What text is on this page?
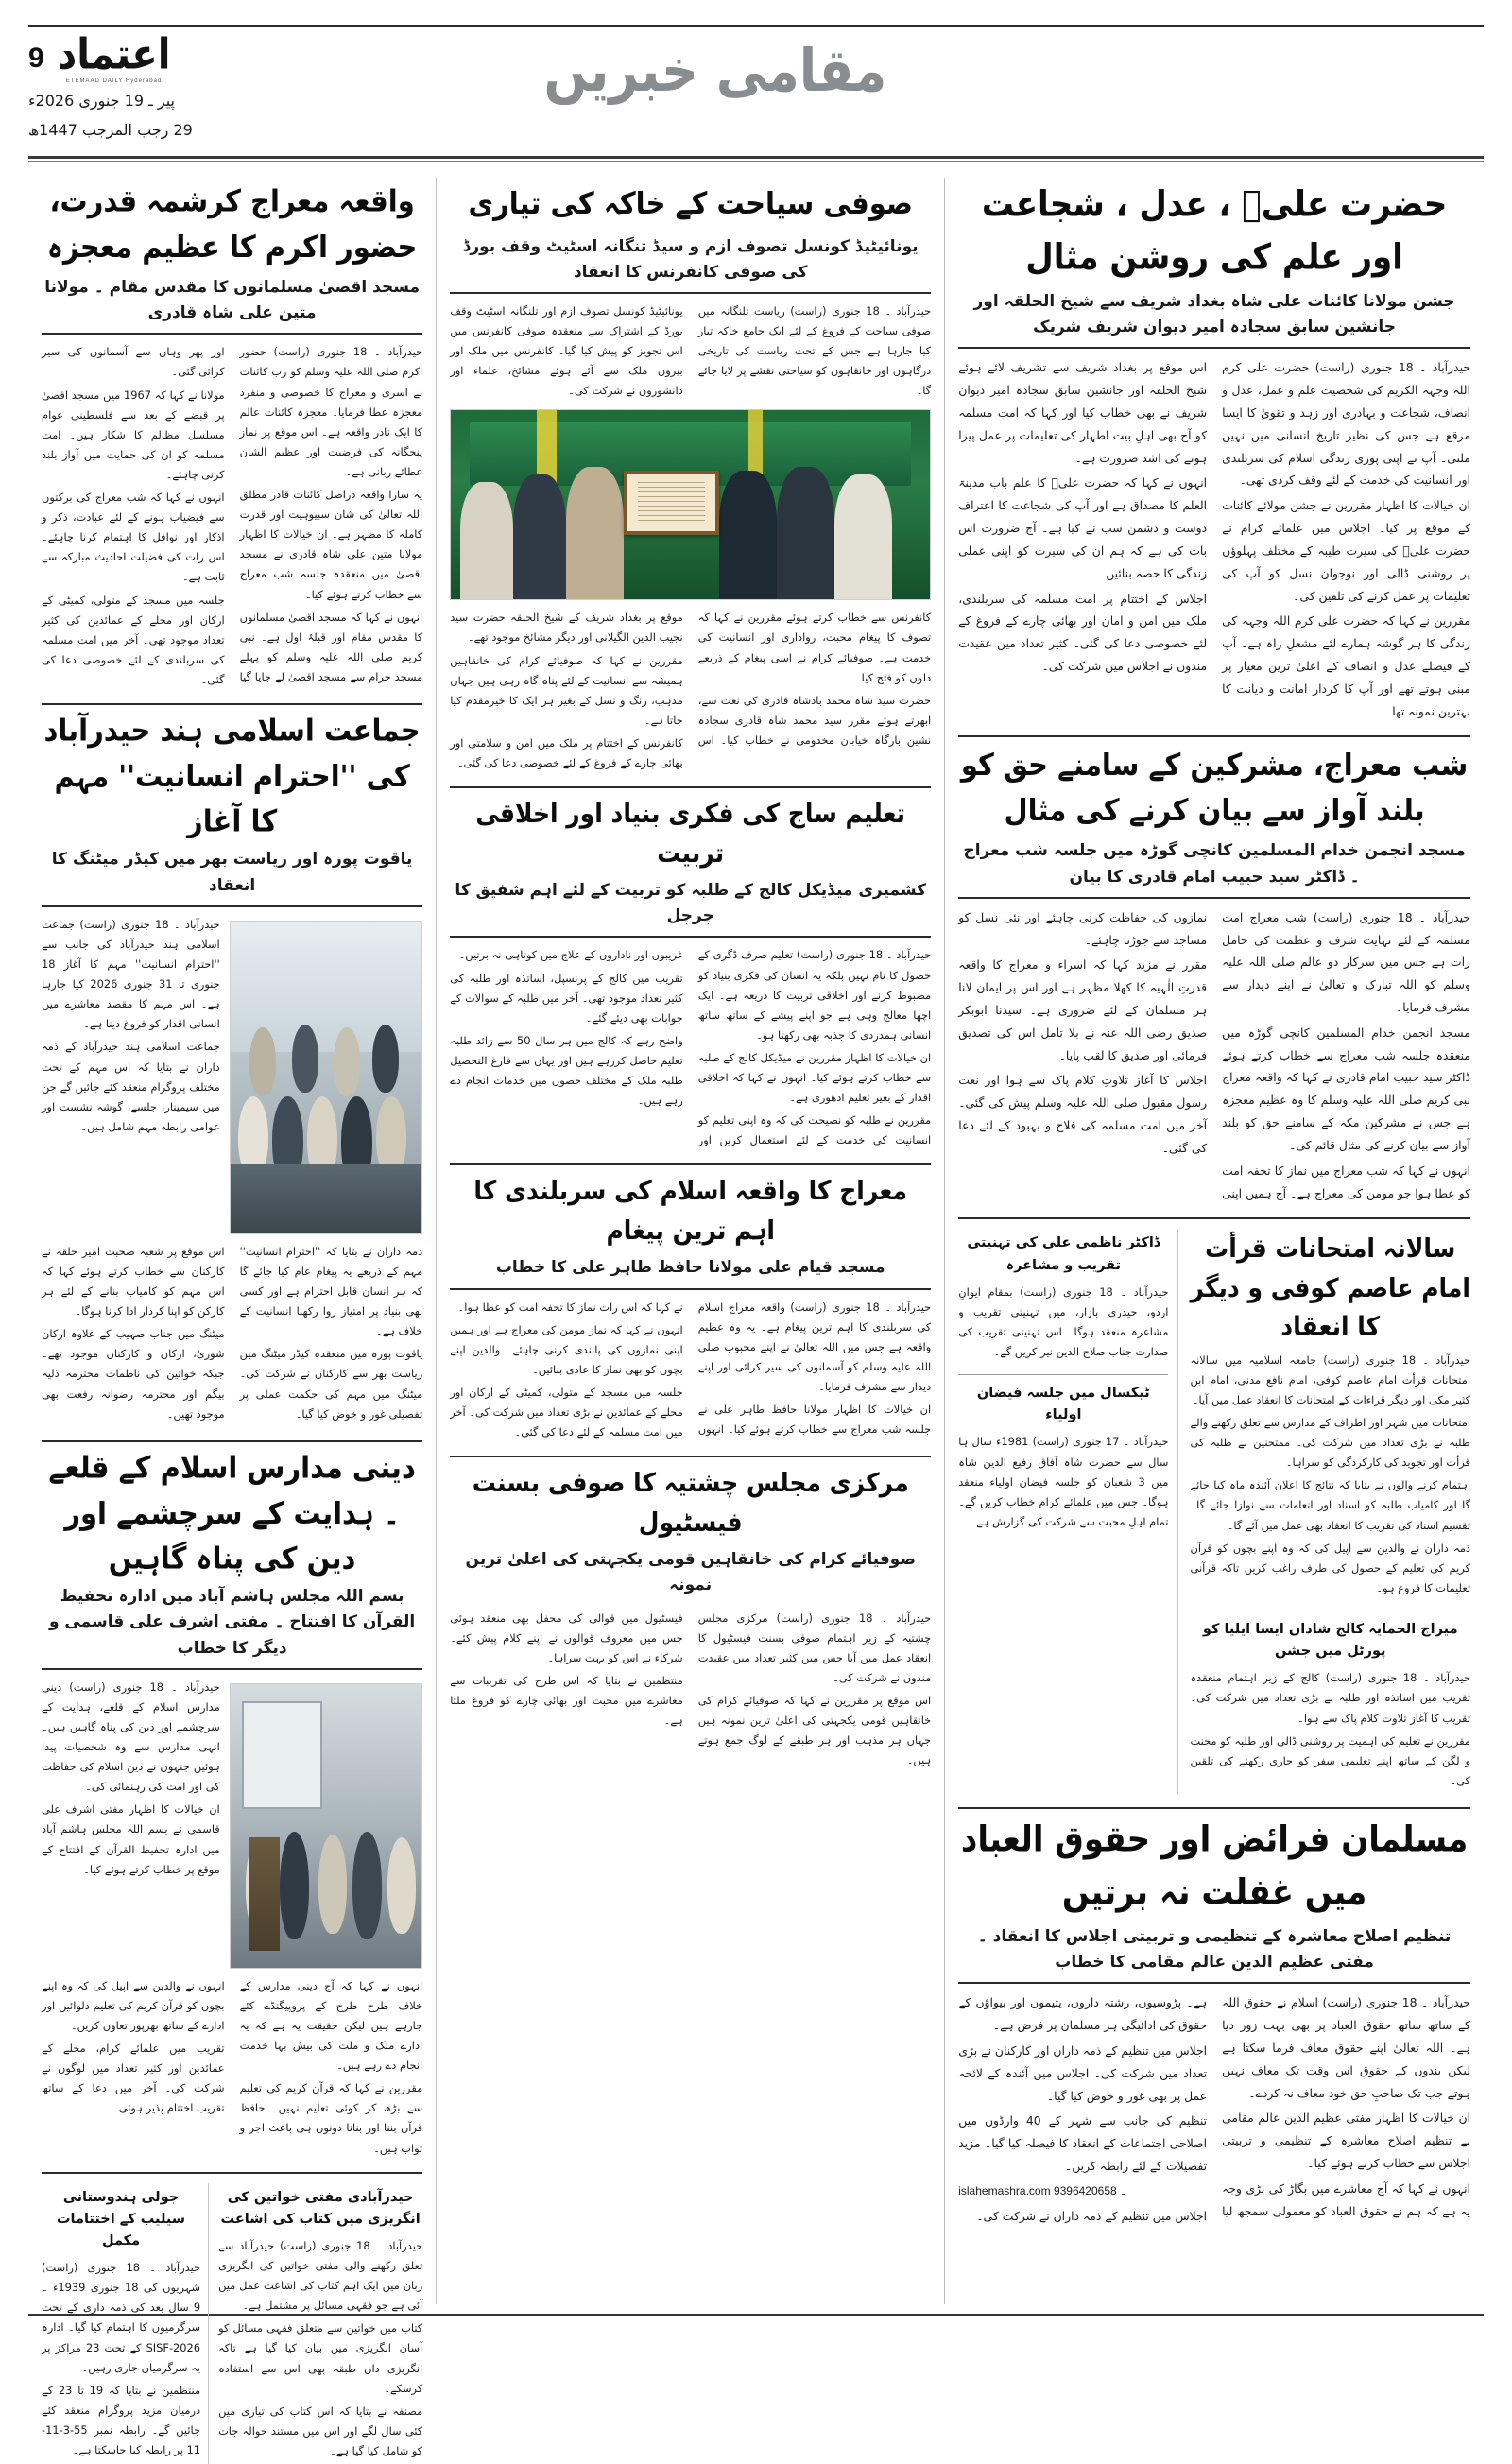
9 اعتماد
ETEMAAD DAILY Hyderabad
پیر ـ 19 جنوری 2026ء
29 رجب المرجب 1447ھ
مقامی خبریں
حضرت علیؓ ، عدل ، شجاعت اور علم کی روشن مثال
جشن مولانا کائنات علی شاہ بغداد شریف سے شیخ الحلقہ اور جانشین سابق سجادہ امیر دیوان شریف شریک

حیدرآباد ۔ 18 جنوری (راست) حضرت علی کرم اللہ وجہہ الکریم کی شخصیت علم و عمل، عدل و انصاف، شجاعت و بہادری اور زہد و تقویٰ کا ایسا مرقع ہے جس کی نظیر تاریخ انسانی میں نہیں ملتی۔ آپ نے اپنی پوری زندگی اسلام کی سربلندی اور انسانیت کی خدمت کے لئے وقف کردی تھی۔

ان خیالات کا اظہار مقررین نے جشن مولائے کائنات کے موقع پر کیا۔ اجلاس میں علمائے کرام نے حضرت علیؓ کی سیرت طیبہ کے مختلف پہلوؤں پر روشنی ڈالی اور نوجوان نسل کو آپ کی تعلیمات پر عمل کرنے کی تلقین کی۔

مقررین نے کہا کہ حضرت علی کرم اللہ وجہہ کی زندگی کا ہر گوشہ ہمارے لئے مشعلِ راہ ہے۔ آپ کے فیصلے عدل و انصاف کے اعلیٰ ترین معیار پر مبنی ہوتے تھے اور آپ کا کردار امانت و دیانت کا بہترین نمونہ تھا۔

اس موقع پر بغداد شریف سے تشریف لائے ہوئے شیخ الحلقہ اور جانشین سابق سجادہ امیر دیوان شریف نے بھی خطاب کیا اور کہا کہ امت مسلمہ کو آج بھی اہلِ بیت اطہار کی تعلیمات پر عمل پیرا ہونے کی اشد ضرورت ہے۔

انہوں نے کہا کہ حضرت علیؓ کا علم باب مدینۃ العلم کا مصداق ہے اور آپ کی شجاعت کا اعتراف دوست و دشمن سب نے کیا ہے۔ آج ضرورت اس بات کی ہے کہ ہم ان کی سیرت کو اپنی عملی زندگی کا حصہ بنائیں۔

اجلاس کے اختتام پر امت مسلمہ کی سربلندی، ملک میں امن و امان اور بھائی چارے کے فروغ کے لئے خصوصی دعا کی گئی۔ کثیر تعداد میں عقیدت مندوں نے اجلاس میں شرکت کی۔

شب معراج، مشرکین کے سامنے حق کو بلند آواز سے بیان کرنے کی مثال
مسجد انجمن خدام المسلمین کانچی گوڑہ میں جلسہ شب معراج ۔ ڈاکٹر سید حبیب امام قادری کا بیان

حیدرآباد ۔ 18 جنوری (راست) شب معراج امت مسلمہ کے لئے نہایت شرف و عظمت کی حامل رات ہے جس میں سرکار دو عالم صلی اللہ علیہ وسلم کو اللہ تبارک و تعالیٰ نے اپنے دیدار سے مشرف فرمایا۔

مسجد انجمن خدام المسلمین کانچی گوڑہ میں منعقدہ جلسہ شب معراج سے خطاب کرتے ہوئے ڈاکٹر سید حبیب امام قادری نے کہا کہ واقعہ معراج نبی کریم صلی اللہ علیہ وسلم کا وہ عظیم معجزہ ہے جس نے مشرکین مکہ کے سامنے حق کو بلند آواز سے بیان کرنے کی مثال قائم کی۔

انہوں نے کہا کہ شب معراج میں نماز کا تحفہ امت کو عطا ہوا جو مومن کی معراج ہے۔ آج ہمیں اپنی نمازوں کی حفاظت کرنی چاہئے اور نئی نسل کو مساجد سے جوڑنا چاہئے۔

مقرر نے مزید کہا کہ اسراء و معراج کا واقعہ قدرتِ الٰہیہ کا کھلا مظہر ہے اور اس پر ایمان لانا ہر مسلمان کے لئے ضروری ہے۔ سیدنا ابوبکر صدیق رضی اللہ عنہ نے بلا تامل اس کی تصدیق فرمائی اور صدیق کا لقب پایا۔

اجلاس کا آغاز تلاوتِ کلام پاک سے ہوا اور نعت رسول مقبول صلی اللہ علیہ وسلم پیش کی گئی۔ آخر میں امت مسلمہ کی فلاح و بہبود کے لئے دعا کی گئی۔

سالانہ امتحانات قرأت امام عاصم کوفی و دیگر کا انعقاد

حیدرآباد ۔ 18 جنوری (راست) جامعہ اسلامیہ میں سالانہ امتحانات قرأت امام عاصم کوفی، امام نافع مدنی، امام ابن کثیر مکی اور دیگر قراءات کے امتحانات کا انعقاد عمل میں آیا۔

امتحانات میں شہر اور اطراف کے مدارس سے تعلق رکھنے والے طلبہ نے بڑی تعداد میں شرکت کی۔ ممتحنین نے طلبہ کی قرأت اور تجوید کی کارکردگی کو سراہا۔

اہتمام کرنے والوں نے بتایا کہ نتائج کا اعلان آئندہ ماہ کیا جائے گا اور کامیاب طلبہ کو اسناد اور انعامات سے نوازا جائے گا۔ تقسیم اسناد کی تقریب کا انعقاد بھی عمل میں آئے گا۔

ذمہ داران نے والدین سے اپیل کی کہ وہ اپنے بچوں کو قرآن کریم کی تعلیم کے حصول کی طرف راغب کریں تاکہ قرآنی تعلیمات کا فروغ ہو۔

میراج الحمایہ کالج شاداں ایسا ایلیا کو پورٹل میں جشن

حیدرآباد ۔ 18 جنوری (راست) کالج کے زیر اہتمام منعقدہ تقریب میں اساتذہ اور طلبہ نے بڑی تعداد میں شرکت کی۔ تقریب کا آغاز تلاوت کلام پاک سے ہوا۔

مقررین نے تعلیم کی اہمیت پر روشنی ڈالی اور طلبہ کو محنت و لگن کے ساتھ اپنے تعلیمی سفر کو جاری رکھنے کی تلقین کی۔

ڈاکٹر ناظمی علی کی تہنیتی تقریب و مشاعرہ

حیدرآباد ۔ 18 جنوری (راست) بمقام ایوانِ اردو، حیدری بازار، میں تہنیتی تقریب و مشاعرہ منعقد ہوگا۔ اس تہنیتی تقریب کی صدارت جناب صلاح الدین نیر کریں گے۔

ٹیکسال میں جلسہ فیضان اولیاء

حیدرآباد ۔ 17 جنوری (راست) 1981ء سال ہا سال سے حضرت شاہ آفاق رفیع الدین شاہ میں 3 شعبان کو جلسہ فیضان اولیاء منعقد ہوگا۔ جس میں علمائے کرام خطاب کریں گے۔ تمام اہلِ محبت سے شرکت کی گزارش ہے۔

مسلمان فرائض اور حقوق العباد میں غفلت نہ برتیں
تنظیم اصلاح معاشرہ کے تنظیمی و تربیتی اجلاس کا انعقاد ۔ مفتی عظیم الدین عالم مقامی کا خطاب

حیدرآباد ۔ 18 جنوری (راست) اسلام نے حقوق اللہ کے ساتھ ساتھ حقوق العباد پر بھی بہت زور دیا ہے۔ اللہ تعالیٰ اپنے حقوق معاف فرما سکتا ہے لیکن بندوں کے حقوق اس وقت تک معاف نہیں ہوتے جب تک صاحبِ حق خود معاف نہ کردے۔

ان خیالات کا اظہار مفتی عظیم الدین عالم مقامی نے تنظیم اصلاح معاشرہ کے تنظیمی و تربیتی اجلاس سے خطاب کرتے ہوئے کیا۔

انہوں نے کہا کہ آج معاشرے میں بگاڑ کی بڑی وجہ یہ ہے کہ ہم نے حقوق العباد کو معمولی سمجھ لیا ہے۔ پڑوسیوں، رشتہ داروں، یتیموں اور بیواؤں کے حقوق کی ادائیگی ہر مسلمان پر فرض ہے۔

اجلاس میں تنظیم کے ذمہ داران اور کارکنان نے بڑی تعداد میں شرکت کی۔ اجلاس میں آئندہ کے لائحہ عمل پر بھی غور و خوض کیا گیا۔

تنظیم کی جانب سے شہر کے 40 وارڈوں میں اصلاحی اجتماعات کے انعقاد کا فیصلہ کیا گیا۔ مزید تفصیلات کے لئے رابطہ کریں۔

islahemashra.com ۔ 9396420658

اجلاس میں تنظیم کے ذمہ داران نے شرکت کی۔

صوفی سیاحت کے خاکہ کی تیاری
یونائیٹیڈ کونسل تصوف ازم و سیڈ تنگانہ اسٹیٹ وقف بورڈ کی صوفی کانفرنس کا انعقاد

حیدرآباد ۔ 18 جنوری (راست) ریاست تلنگانہ میں صوفی سیاحت کے فروغ کے لئے ایک جامع خاکہ تیار کیا جارہا ہے جس کے تحت ریاست کی تاریخی درگاہوں اور خانقاہوں کو سیاحتی نقشے پر لایا جائے گا۔

یونائیٹیڈ کونسل تصوف ازم اور تلنگانہ اسٹیٹ وقف بورڈ کے اشتراک سے منعقدہ صوفی کانفرنس میں اس تجویز کو پیش کیا گیا۔ کانفرنس میں ملک اور بیرون ملک سے آئے ہوئے مشائخ، علماء اور دانشوروں نے شرکت کی۔

کانفرنس سے خطاب کرتے ہوئے مقررین نے کہا کہ تصوف کا پیغام محبت، رواداری اور انسانیت کی خدمت ہے۔ صوفیائے کرام نے اسی پیغام کے ذریعے دلوں کو فتح کیا۔

حضرت سید شاہ محمد بادشاہ قادری کی نعت سے، ابھرتے ہوئے مقرر سید محمد شاہ قادری سجادہ نشین بارگاہ خیابان مخدومی نے خطاب کیا۔ اس موقع پر بغداد شریف کے شیخ الحلقہ حضرت سید نجیب الدین الگیلانی اور دیگر مشائخ موجود تھے۔

مقررین نے کہا کہ صوفیائے کرام کی خانقاہیں ہمیشہ سے انسانیت کے لئے پناہ گاہ رہی ہیں جہاں مذہب، رنگ و نسل کے بغیر ہر ایک کا خیرمقدم کیا جاتا ہے۔

کانفرنس کے اختتام پر ملک میں امن و سلامتی اور بھائی چارے کے فروغ کے لئے خصوصی دعا کی گئی۔

تعلیم ساج کی فکری بنیاد اور اخلاقی تربیت
کشمیری میڈیکل کالج کے طلبہ کو تربیت کے لئے اہم شفیق کا چرچل

حیدرآباد ۔ 18 جنوری (راست) تعلیم صرف ڈگری کے حصول کا نام نہیں بلکہ یہ انسان کی فکری بنیاد کو مضبوط کرنے اور اخلاقی تربیت کا ذریعہ ہے۔ ایک اچھا معالج وہی ہے جو اپنے پیشے کے ساتھ ساتھ انسانی ہمدردی کا جذبہ بھی رکھتا ہو۔

ان خیالات کا اظہار مقررین نے میڈیکل کالج کے طلبہ سے خطاب کرتے ہوئے کیا۔ انہوں نے کہا کہ اخلاقی اقدار کے بغیر تعلیم ادھوری ہے۔

مقررین نے طلبہ کو نصیحت کی کہ وہ اپنی تعلیم کو انسانیت کی خدمت کے لئے استعمال کریں اور غریبوں اور ناداروں کے علاج میں کوتاہی نہ برتیں۔

تقریب میں کالج کے پرنسپل، اساتذہ اور طلبہ کی کثیر تعداد موجود تھی۔ آخر میں طلبہ کے سوالات کے جوابات بھی دیئے گئے۔

واضح رہے کہ کالج میں ہر سال 50 سے زائد طلبہ تعلیم حاصل کررہے ہیں اور یہاں سے فارغ التحصیل طلبہ ملک کے مختلف حصوں میں خدمات انجام دے رہے ہیں۔

معراج کا واقعہ اسلام کی سربلندی کا اہم ترین پیغام
مسجد قیام علی مولانا حافظ طاہر علی کا خطاب

حیدرآباد ۔ 18 جنوری (راست) واقعہ معراج اسلام کی سربلندی کا اہم ترین پیغام ہے۔ یہ وہ عظیم واقعہ ہے جس میں اللہ تعالیٰ نے اپنے محبوب صلی اللہ علیہ وسلم کو آسمانوں کی سیر کرائی اور اپنے دیدار سے مشرف فرمایا۔

ان خیالات کا اظہار مولانا حافظ طاہر علی نے جلسہ شب معراج سے خطاب کرتے ہوئے کیا۔ انہوں نے کہا کہ اس رات نماز کا تحفہ امت کو عطا ہوا۔

انہوں نے کہا کہ نماز مومن کی معراج ہے اور ہمیں اپنی نمازوں کی پابندی کرنی چاہئے۔ والدین اپنے بچوں کو بھی نماز کا عادی بنائیں۔

جلسہ میں مسجد کے متولی، کمیٹی کے ارکان اور محلے کے عمائدین نے بڑی تعداد میں شرکت کی۔ آخر میں امت مسلمہ کے لئے دعا کی گئی۔

مرکزی مجلس چشتیہ کا صوفی بسنت فیسٹیول
صوفیائے کرام کی خانقاہیں قومی یکجہتی کی اعلیٰ ترین نمونہ

حیدرآباد ۔ 18 جنوری (راست) مرکزی مجلس چشتیہ کے زیر اہتمام صوفی بسنت فیسٹیول کا انعقاد عمل میں آیا جس میں کثیر تعداد میں عقیدت مندوں نے شرکت کی۔

اس موقع پر مقررین نے کہا کہ صوفیائے کرام کی خانقاہیں قومی یکجہتی کی اعلیٰ ترین نمونہ ہیں جہاں ہر مذہب اور ہر طبقے کے لوگ جمع ہوتے ہیں۔

فیسٹیول میں قوالی کی محفل بھی منعقد ہوئی جس میں معروف قوالوں نے اپنے کلام پیش کئے۔ شرکاء نے اس کو بہت سراہا۔

منتظمین نے بتایا کہ اس طرح کی تقریبات سے معاشرے میں محبت اور بھائی چارے کو فروغ ملتا ہے۔

واقعہ معراج کرشمہ قدرت، حضور اکرم کا عظیم معجزہ
مسجد اقصیٰ مسلمانوں کا مقدس مقام ۔ مولانا متین علی شاہ قادری

حیدرآباد ۔ 18 جنوری (راست) حضور اکرم صلی اللہ علیہ وسلم کو رب کائنات نے اسری و معراج کا خصوصی و منفرد معجزہ عطا فرمایا۔ معجزہ کائنات عالم کا ایک نادر واقعہ ہے۔ اس موقع پر نماز پنجگانہ کی فرضیت اور عظیم الشان عطائے ربانی ہے۔

یہ سارا واقعہ دراصل کائنات قادر مطلق اللہ تعالیٰ کی شان سبیوہیت اور قدرت کاملہ کا مظہر ہے۔ ان خیالات کا اظہار مولانا متین علی شاہ قادری نے مسجد اقصیٰ میں منعقدہ جلسہ شب معراج سے خطاب کرتے ہوئے کیا۔

انہوں نے کہا کہ مسجد اقصیٰ مسلمانوں کا مقدس مقام اور قبلۂ اول ہے۔ نبی کریم صلی اللہ علیہ وسلم کو پہلے مسجد حرام سے مسجد اقصیٰ لے جایا گیا اور پھر وہاں سے آسمانوں کی سیر کرائی گئی۔

مولانا نے کہا کہ 1967 میں مسجد اقصیٰ پر قبضے کے بعد سے فلسطینی عوام مسلسل مظالم کا شکار ہیں۔ امت مسلمہ کو ان کی حمایت میں آواز بلند کرنی چاہئے۔

انہوں نے کہا کہ شب معراج کی برکتوں سے فیضیاب ہونے کے لئے عبادت، ذکر و اذکار اور نوافل کا اہتمام کرنا چاہئے۔ اس رات کی فضیلت احادیث مبارکہ سے ثابت ہے۔

جلسہ میں مسجد کے متولی، کمیٹی کے ارکان اور محلے کے عمائدین کی کثیر تعداد موجود تھی۔ آخر میں امت مسلمہ کی سربلندی کے لئے خصوصی دعا کی گئی۔

جماعت اسلامی ہند حیدرآباد کی ''احترام انسانیت'' مہم کا آغاز
یاقوت پورہ اور ریاست بھر میں کیڈر میٹنگ کا انعقاد

حیدرآباد ۔ 18 جنوری (راست) جماعت اسلامی ہند حیدرآباد کی جانب سے ''احترام انسانیت'' مہم کا آغاز 18 جنوری تا 31 جنوری 2026 کیا جارہا ہے۔ اس مہم کا مقصد معاشرے میں انسانی اقدار کو فروغ دینا ہے۔

جماعت اسلامی ہند حیدرآباد کے ذمہ داران نے بتایا کہ اس مہم کے تحت مختلف پروگرام منعقد کئے جائیں گے جن میں سیمینار، جلسے، گوشہ نشست اور عوامی رابطہ مہم شامل ہیں۔

ذمہ داران نے بتایا کہ ''احترام انسانیت'' مہم کے ذریعے یہ پیغام عام کیا جائے گا کہ ہر انسان قابل احترام ہے اور کسی بھی بنیاد پر امتیاز روا رکھنا انسانیت کے خلاف ہے۔

یاقوت پورہ میں منعقدہ کیڈر میٹنگ میں ریاست بھر سے کارکنان نے شرکت کی۔ میٹنگ میں مہم کی حکمت عملی پر تفصیلی غور و خوض کیا گیا۔

اس موقع پر شعبہ صحبت امیر حلقہ نے کارکنان سے خطاب کرتے ہوئے کہا کہ اس مہم کو کامیاب بنانے کے لئے ہر کارکن کو اپنا کردار ادا کرنا ہوگا۔

میٹنگ میں جناب صہیب کے علاوہ ارکان شوریٰ، ارکان و کارکنان موجود تھے۔ جبکہ خواتین کی ناظمات محترمہ ذلیہ بیگم اور محترمہ رضوانہ رفعت بھی موجود تھیں۔

دینی مدارس اسلام کے قلعے ۔ ہدایت کے سرچشمے اور دین کی پناہ گاہیں
بسم اللہ مجلس ہاشم آباد میں ادارہ تحفیظ القرآن کا افتتاح ۔ مفتی اشرف علی قاسمی و دیگر کا خطاب

حیدرآباد ۔ 18 جنوری (راست) دینی مدارس اسلام کے قلعے، ہدایت کے سرچشمے اور دین کی پناہ گاہیں ہیں۔ انہی مدارس سے وہ شخصیات پیدا ہوئیں جنہوں نے دین اسلام کی حفاظت کی اور امت کی رہنمائی کی۔

ان خیالات کا اظہار مفتی اشرف علی قاسمی نے بسم اللہ مجلس ہاشم آباد میں ادارہ تحفیظ القرآن کے افتتاح کے موقع پر خطاب کرتے ہوئے کیا۔

انہوں نے کہا کہ آج دینی مدارس کے خلاف طرح طرح کے پروپیگنڈے کئے جارہے ہیں لیکن حقیقت یہ ہے کہ یہ ادارے ملک و ملت کی بیش بہا خدمت انجام دے رہے ہیں۔

مقررین نے کہا کہ قرآن کریم کی تعلیم سے بڑھ کر کوئی تعلیم نہیں۔ حافظ قرآن بننا اور بنانا دونوں ہی باعث اجر و ثواب ہیں۔

انہوں نے والدین سے اپیل کی کہ وہ اپنے بچوں کو قرآن کریم کی تعلیم دلوائیں اور ادارے کے ساتھ بھرپور تعاون کریں۔

تقریب میں علمائے کرام، محلے کے عمائدین اور کثیر تعداد میں لوگوں نے شرکت کی۔ آخر میں دعا کے ساتھ تقریب اختتام پذیر ہوئی۔

حیدرآبادی مفتی خواتین کی انگریزی میں کتاب کی اشاعت

حیدرآباد ۔ 18 جنوری (راست) حیدرآباد سے تعلق رکھنے والی مفتی خواتین کی انگریزی زبان میں ایک اہم کتاب کی اشاعت عمل میں آئی ہے جو فقہی مسائل پر مشتمل ہے۔

کتاب میں خواتین سے متعلق فقہی مسائل کو آسان انگریزی میں بیان کیا گیا ہے تاکہ انگریزی داں طبقہ بھی اس سے استفادہ کرسکے۔

مصنفہ نے بتایا کہ اس کتاب کی تیاری میں کئی سال لگے اور اس میں مستند حوالہ جات کو شامل کیا گیا ہے۔

جولی ہندوستانی سیلیب کے اختتامات مکمل

حیدرآباد ۔ 18 جنوری (راست) شہریوں کی 18 جنوری 1939ء ۔ 9 سال بعد کی ذمہ داری کے تحت سرگرمیوں کا اہتمام کیا گیا۔ ادارہ SISF-2026 کے تحت 23 مراکز پر یہ سرگرمیاں جاری رہیں۔

منتظمین نے بتایا کہ 19 تا 23 کے درمیان مزید پروگرام منعقد کئے جائیں گے۔ رابطہ نمبر 55-3-11-11 پر رابطہ کیا جاسکتا ہے۔
